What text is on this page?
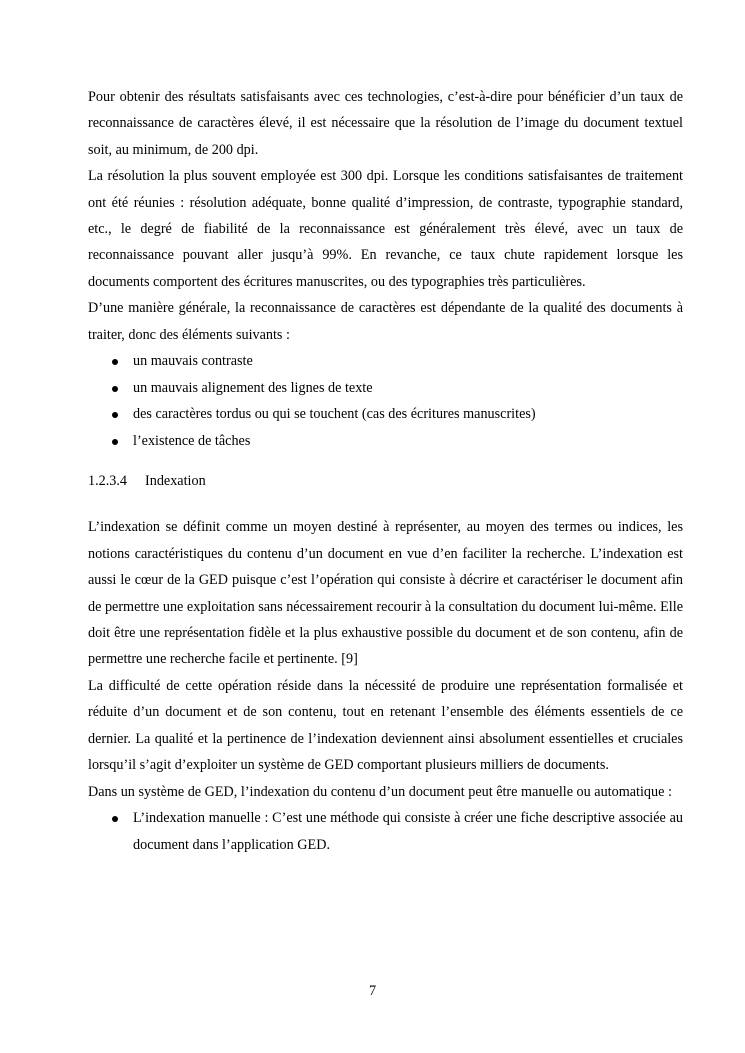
Pour obtenir des résultats satisfaisants avec ces technologies, c’est-à-dire pour bénéficier d’un taux de reconnaissance de caractères élevé, il est nécessaire que la résolution de l’image du document textuel soit, au minimum, de 200 dpi.

La résolution la plus souvent employée est 300 dpi. Lorsque les conditions satisfaisantes de traitement ont été réunies : résolution adéquate, bonne qualité d’impression, de contraste, typographie standard, etc., le degré de fiabilité de la reconnaissance est généralement très élevé, avec un taux de reconnaissance pouvant aller jusqu’à 99%. En revanche, ce taux chute rapidement lorsque les documents comportent des écritures manuscrites, ou des typographies très particulières.

D’une manière générale, la reconnaissance de caractères est dépendante de la qualité des documents à traiter, donc des éléments suivants :

un mauvais contraste
un mauvais alignement des lignes de texte
des caractères tordus ou qui se touchent (cas des écritures manuscrites)
l’existence de tâches
1.2.3.4 Indexation

L’indexation se définit comme un moyen destiné à représenter, au moyen des termes ou indices, les notions caractéristiques du contenu d’un document en vue d’en faciliter la recherche. L’indexation est aussi le cœur de la GED puisque c’est l’opération qui consiste à décrire et caractériser le document afin de permettre une exploitation sans nécessairement recourir à la consultation du document lui-même. Elle doit être une représentation fidèle et la plus exhaustive possible du document et de son contenu, afin de permettre une recherche facile et pertinente. [9]

La difficulté de cette opération réside dans la nécessité de produire une représentation formalisée et réduite d’un document et de son contenu, tout en retenant l’ensemble des éléments essentiels de ce dernier. La qualité et la pertinence de l’indexation deviennent ainsi absolument essentielles et cruciales lorsqu’il s’agit d’exploiter un système de GED comportant plusieurs milliers de documents.

Dans un système de GED, l’indexation du contenu d’un document peut être manuelle ou automatique :

L’indexation manuelle : C’est une méthode qui consiste à créer une fiche descriptive associée au document dans l’application GED.
7
